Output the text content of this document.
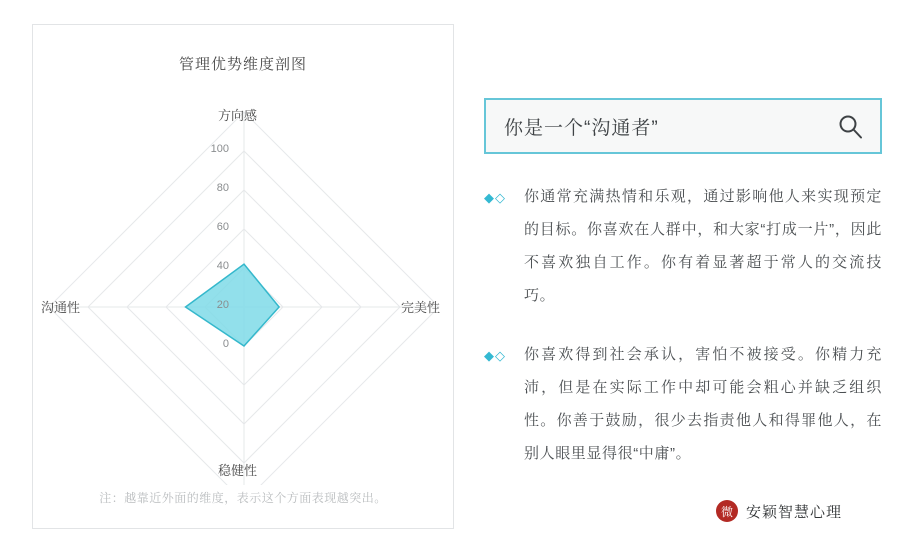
管理优势维度剖图
100
80
60
40
20
0
方向感
完美性
稳健性
沟通性
注：越靠近外面的维度，表示这个方面表现越突出。
你是一个“沟通者”
◆◇ 你通常充满热情和乐观，通过影响他人来实现预定的目标。你喜欢在人群中，和大家“打成一片”，因此不喜欢独自工作。你有着显著超于常人的交流技巧。
◆◇ 你喜欢得到社会承认，害怕不被接受。你精力充沛，但是在实际工作中却可能会粗心并缺乏组织性。你善于鼓励，很少去指责他人和得罪他人，在别人眼里显得很“中庸”。
微 安颖智慧心理
